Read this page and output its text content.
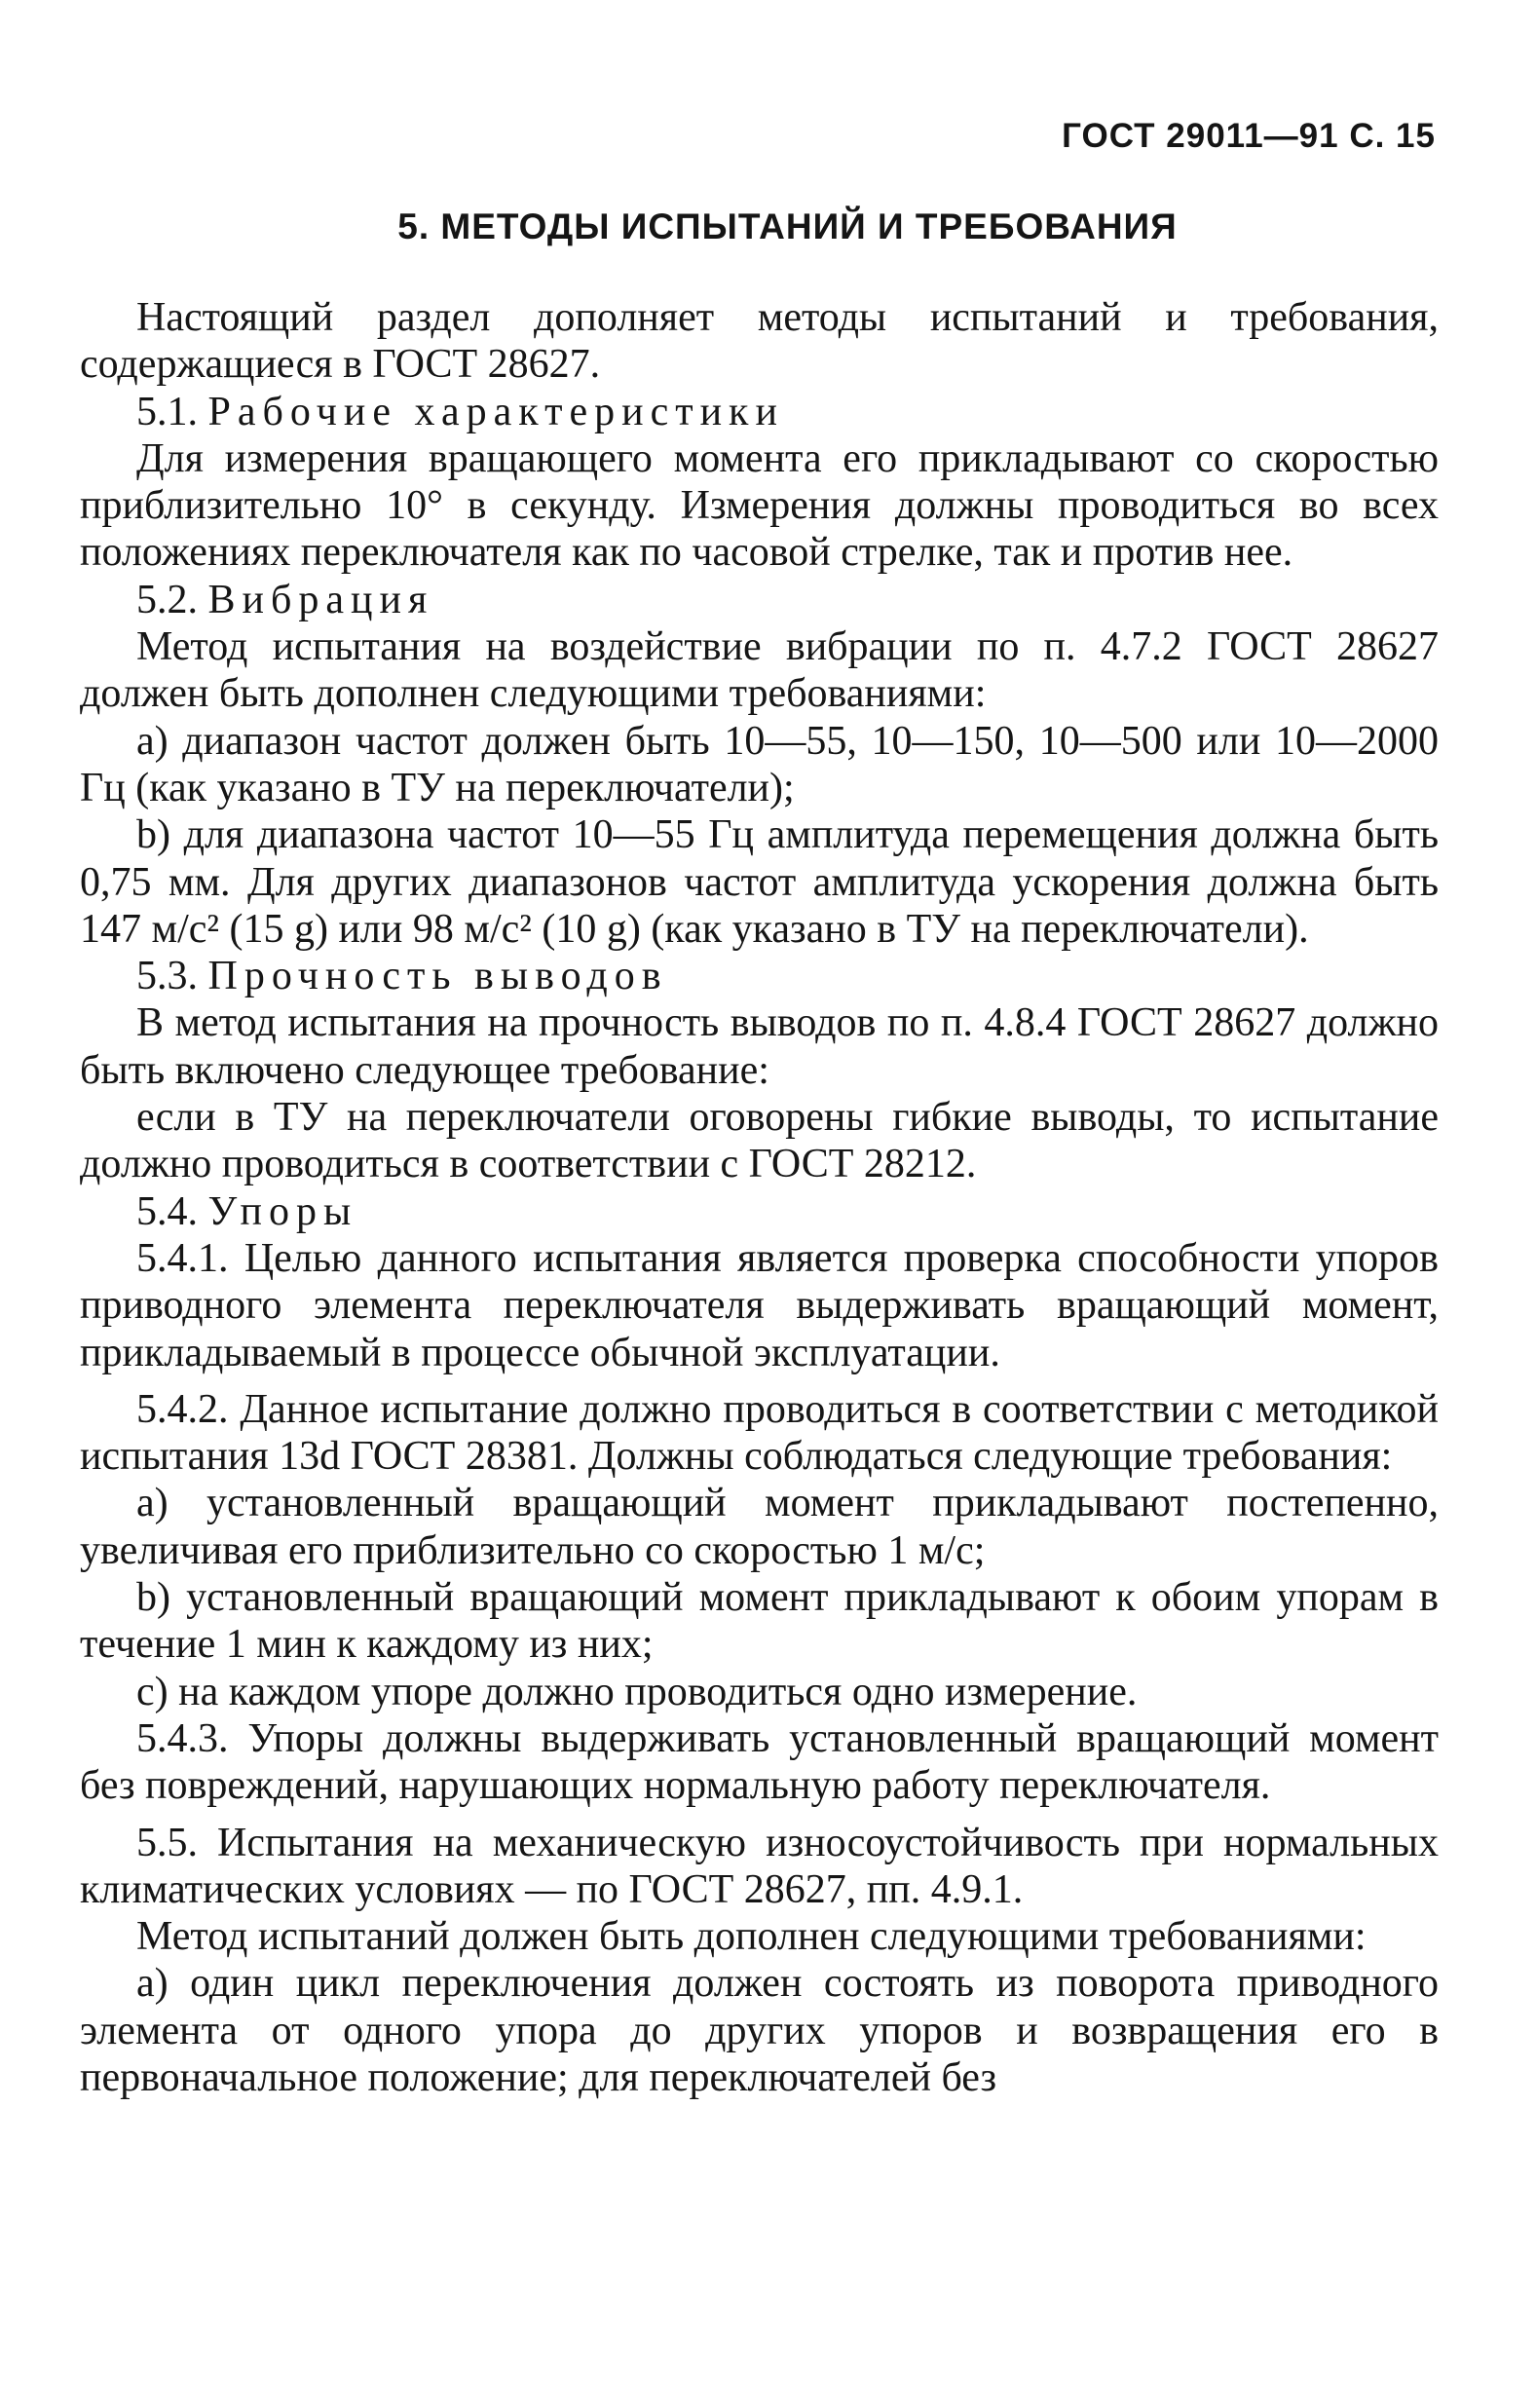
ГОСТ 29011—91 С. 15
5. МЕТОДЫ ИСПЫТАНИЙ И ТРЕБОВАНИЯ

Настоящий раздел дополняет методы испытаний и требования, содержащиеся в ГОСТ 28627.

5.1. Рабочие характеристики

Для измерения вращающего момента его прикладывают со скоростью приблизительно 10° в секунду. Измерения должны проводиться во всех положениях переключателя как по часовой стрелке, так и против нее.

5.2. Вибрация

Метод испытания на воздействие вибрации по п. 4.7.2 ГОСТ 28627 должен быть дополнен следующими требованиями:

a) диапазон частот должен быть 10—55, 10—150, 10—500 или 10—2000 Гц (как указано в ТУ на переключатели);

b) для диапазона частот 10—55 Гц амплитуда перемещения должна быть 0,75 мм. Для других диапазонов частот амплитуда ускорения должна быть 147 м/с² (15 g) или 98 м/с² (10 g) (как указано в ТУ на переключатели).

5.3. Прочность выводов

В метод испытания на прочность выводов по п. 4.8.4 ГОСТ 28627 должно быть включено следующее требование:

если в ТУ на переключатели оговорены гибкие выводы, то испытание должно проводиться в соответствии с ГОСТ 28212.

5.4. Упоры

5.4.1. Целью данного испытания является проверка способности упоров приводного элемента переключателя выдерживать вращающий момент, прикладываемый в процессе обычной эксплуатации.

5.4.2. Данное испытание должно проводиться в соответствии с методикой испытания 13d ГОСТ 28381. Должны соблюдаться следующие требования:

a) установленный вращающий момент прикладывают постепенно, увеличивая его приблизительно со скоростью 1 м/с;

b) установленный вращающий момент прикладывают к обоим упорам в течение 1 мин к каждому из них;

c) на каждом упоре должно проводиться одно измерение.

5.4.3. Упоры должны выдерживать установленный вращающий момент без повреждений, нарушающих нормальную работу переключателя.

5.5. Испытания на механическую износоустойчивость при нормальных климатических условиях — по ГОСТ 28627, пп. 4.9.1.

Метод испытаний должен быть дополнен следующими требованиями:

a) один цикл переключения должен состоять из поворота приводного элемента от одного упора до других упоров и возвращения его в первоначальное положение; для переключателей без
